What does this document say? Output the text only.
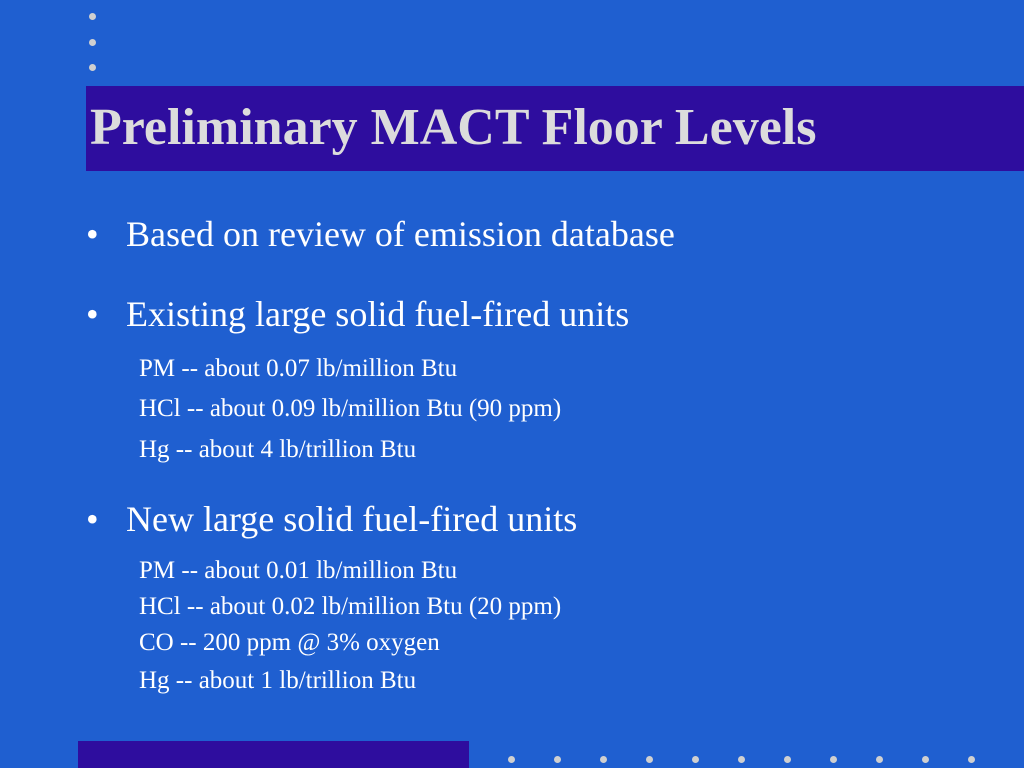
Preliminary MACT Floor Levels
• Based on review of emission database
• Existing large solid fuel-fired units
PM -- about 0.07 lb/million Btu
HCl -- about 0.09 lb/million Btu (90 ppm)
Hg -- about 4 lb/trillion Btu
• New large solid fuel-fired units
PM -- about 0.01 lb/million Btu
HCl -- about 0.02 lb/million Btu (20 ppm)
CO -- 200 ppm @ 3% oxygen
Hg -- about 1 lb/trillion Btu
